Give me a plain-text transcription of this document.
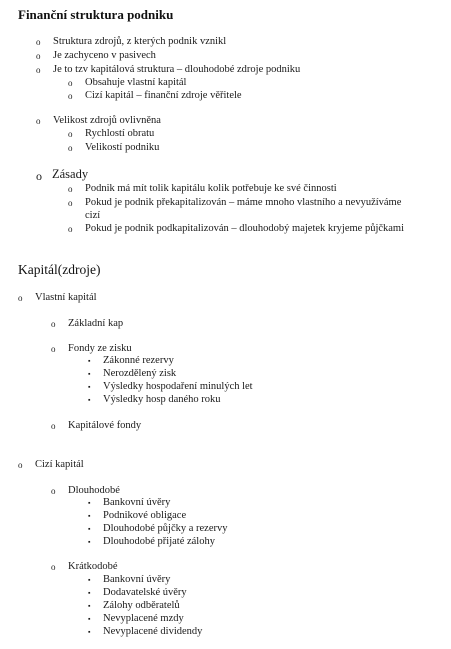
Finanční struktura podniku
o Struktura zdrojů, z kterých podnik vznikl
o Je zachyceno v pasivech
o Je to tzv kapitálová struktura – dlouhodobé zdroje podniku
o Obsahuje vlastní kapitál
o Cizí kapitál – finanční zdroje věřitele
o Velikost zdrojů ovlivněna
o Rychlostí obratu
o Velikostí podniku
o Zásady
o Podnik má mít tolik kapitálu kolik potřebuje ke své činnosti
o Pokud je podnik překapitalizován – máme mnoho vlastního a nevyužíváme
cizí
o Pokud je podnik podkapitalizován – dlouhodobý majetek kryjeme půjčkami
Kapitál(zdroje)
o Vlastní kapitál
o Základní kap
o Fondy ze zisku
▪ Zákonné rezervy
▪ Nerozdělený zisk
▪ Výsledky hospodaření minulých let
▪ Výsledky hosp daného roku
o Kapitálové fondy
o Cizí kapitál
o Dlouhodobé
▪ Bankovní úvěry
▪ Podnikové obligace
▪ Dlouhodobé půjčky a rezervy
▪ Dlouhodobé přijaté zálohy
o Krátkodobé
▪ Bankovní úvěry
▪ Dodavatelské úvěry
▪ Zálohy odběratelů
▪ Nevyplacené mzdy
▪ Nevyplacené dividendy
